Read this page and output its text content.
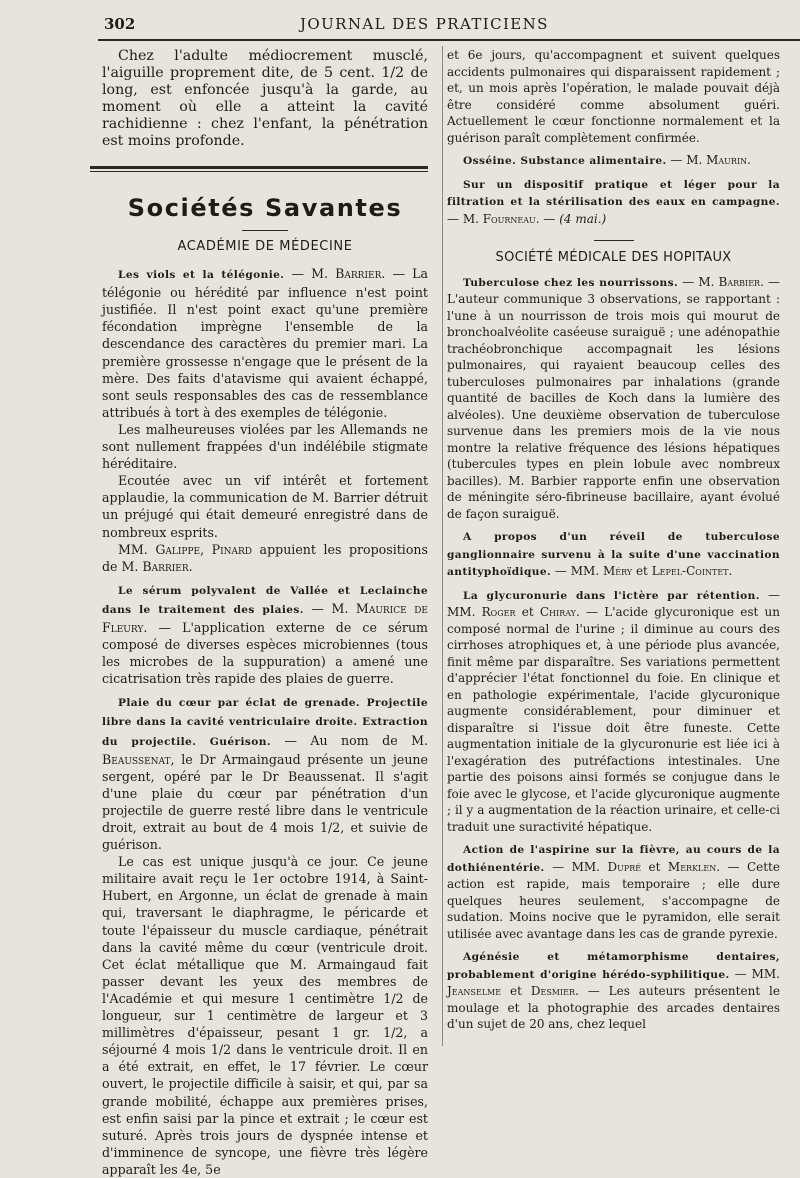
302	JOURNAL DES PRATICIENS

Chez l'adulte médiocrement musclé, l'aiguille proprement dite, de 5 cent. 1/2 de long, est enfoncée jusqu'à la garde, au moment où elle a atteint la cavité rachidienne : chez l'enfant, la pénétration est moins profonde.

Sociétés Savantes
ACADÉMIE DE MÉDECINE

Les viols et la télégonie. — M. Barrier. — La télégonie ou hérédité par influence n'est point justifiée. Il n'est point exact qu'une première fécondation imprègne l'ensemble de la descendance des caractères du premier mari. La première grossesse n'engage que le présent de la mère. Des faits d'atavisme qui avaient échappé, sont seuls responsables des cas de ressemblance attribués à tort à des exemples de télégonie.

Les malheureuses violées par les Allemands ne sont nullement frappées d'un indélébile stigmate héréditaire.

Ecoutée avec un vif intérêt et fortement applaudie, la communication de M. Barrier détruit un préjugé qui était demeuré enregistré dans de nombreux esprits.

MM. Galippe, Pinard appuient les propositions de M. Barrier.

Le sérum polyvalent de Vallée et Leclainche dans le traitement des plaies. — M. Maurice de Fleury. — L'application externe de ce sérum composé de diverses espèces microbiennes (tous les microbes de la suppuration) a amené une cicatrisation très rapide des plaies de guerre.

Plaie du cœur par éclat de grenade. Projectile libre dans la cavité ventriculaire droite. Extraction du projectile. Guérison. — Au nom de M. Beaussenat, le Dr Armaingaud présente un jeune sergent, opéré par le Dr Beaussenat. Il s'agit d'une plaie du cœur par pénétration d'un projectile de guerre resté libre dans le ventricule droit, extrait au bout de 4 mois 1/2, et suivie de guérison.

Le cas est unique jusqu'à ce jour. Ce jeune militaire avait reçu le 1er octobre 1914, à Saint-Hubert, en Argonne, un éclat de grenade à main qui, traversant le diaphragme, le péricarde et toute l'épaisseur du muscle cardiaque, pénétrait dans la cavité même du cœur (ventricule droit. Cet éclat métallique que M. Armaingaud fait passer devant les yeux des membres de l'Académie et qui mesure 1 centimètre 1/2 de longueur, sur 1 centimètre de largeur et 3 millimètres d'épaisseur, pesant 1 gr. 1/2, a séjourné 4 mois 1/2 dans le ventricule droit. Il en a été extrait, en effet, le 17 février. Le cœur ouvert, le projectile difficile à saisir, et qui, par sa grande mobilité, échappe aux premières prises, est enfin saisi par la pince et extrait ; le cœur est suturé. Après trois jours de dyspnée intense et d'imminence de syncope, une fièvre très légère apparaît les 4e, 5e

et 6e jours, qu'accompagnent et suivent quelques accidents pulmonaires qui disparaissent rapidement ; et, un mois après l'opération, le malade pouvait déjà être considéré comme absolument guéri. Actuellement le cœur fonctionne normalement et la guérison paraît complètement confirmée.

Osséine. Substance alimentaire. — M. Maurin.

Sur un dispositif pratique et léger pour la filtration et la stérilisation des eaux en campagne. — M. Fourneau. — (4 mai.)

SOCIÉTÉ MÉDICALE DES HOPITAUX

Tuberculose chez les nourrissons. — M. Barbier. — L'auteur communique 3 observations, se rapportant : l'une à un nourrisson de trois mois qui mourut de bronchoalvéolite caséeuse suraiguë ; une adénopathie trachéobronchique accompagnait les lésions pulmonaires, qui rayaient beaucoup celles des tuberculoses pulmonaires par inhalations (grande quantité de bacilles de Koch dans la lumière des alvéoles). Une deuxième observation de tuberculose survenue dans les premiers mois de la vie nous montre la relative fréquence des lésions hépatiques (tubercules types en plein lobule avec nombreux bacilles). M. Barbier rapporte enfin une observation de méningite séro-fibrineuse bacillaire, ayant évolué de façon suraiguë.

A propos d'un réveil de tuberculose ganglionnaire survenu à la suite d'une vaccination antityphoïdique. — MM. Méry et Lepel-Cointet.

La glycuronurie dans l'ictère par rétention. — MM. Roger et Chiray. — L'acide glycuronique est un composé normal de l'urine ; il diminue au cours des cirrhoses atrophiques et, à une période plus avancée, finit même par disparaître. Ses variations permettent d'apprécier l'état fonctionnel du foie. En clinique et en pathologie expérimentale, l'acide glycuronique augmente considérablement, pour diminuer et disparaître si l'issue doit être funeste. Cette augmentation initiale de la glycuronurie est liée ici à l'exagération des putréfactions intestinales. Une partie des poisons ainsi formés se conjugue dans le foie avec le glycose, et l'acide glycuronique augmente ; il y a augmentation de la réaction urinaire, et celle-ci traduit une suractivité hépatique.

Action de l'aspirine sur la fièvre, au cours de la dothiénentérie. — MM. Dupré et Merklen. — Cette action est rapide, mais temporaire ; elle dure quelques heures seulement, s'accompagne de sudation. Moins nocive que le pyramidon, elle serait utilisée avec avantage dans les cas de grande pyrexie.

Agénésie et métamorphisme dentaires, probablement d'origine hérédo-syphilitique. — MM. Jeanselme et Desmier. — Les auteurs présentent le moulage et la photographie des arcades dentaires d'un sujet de 20 ans, chez lequel
